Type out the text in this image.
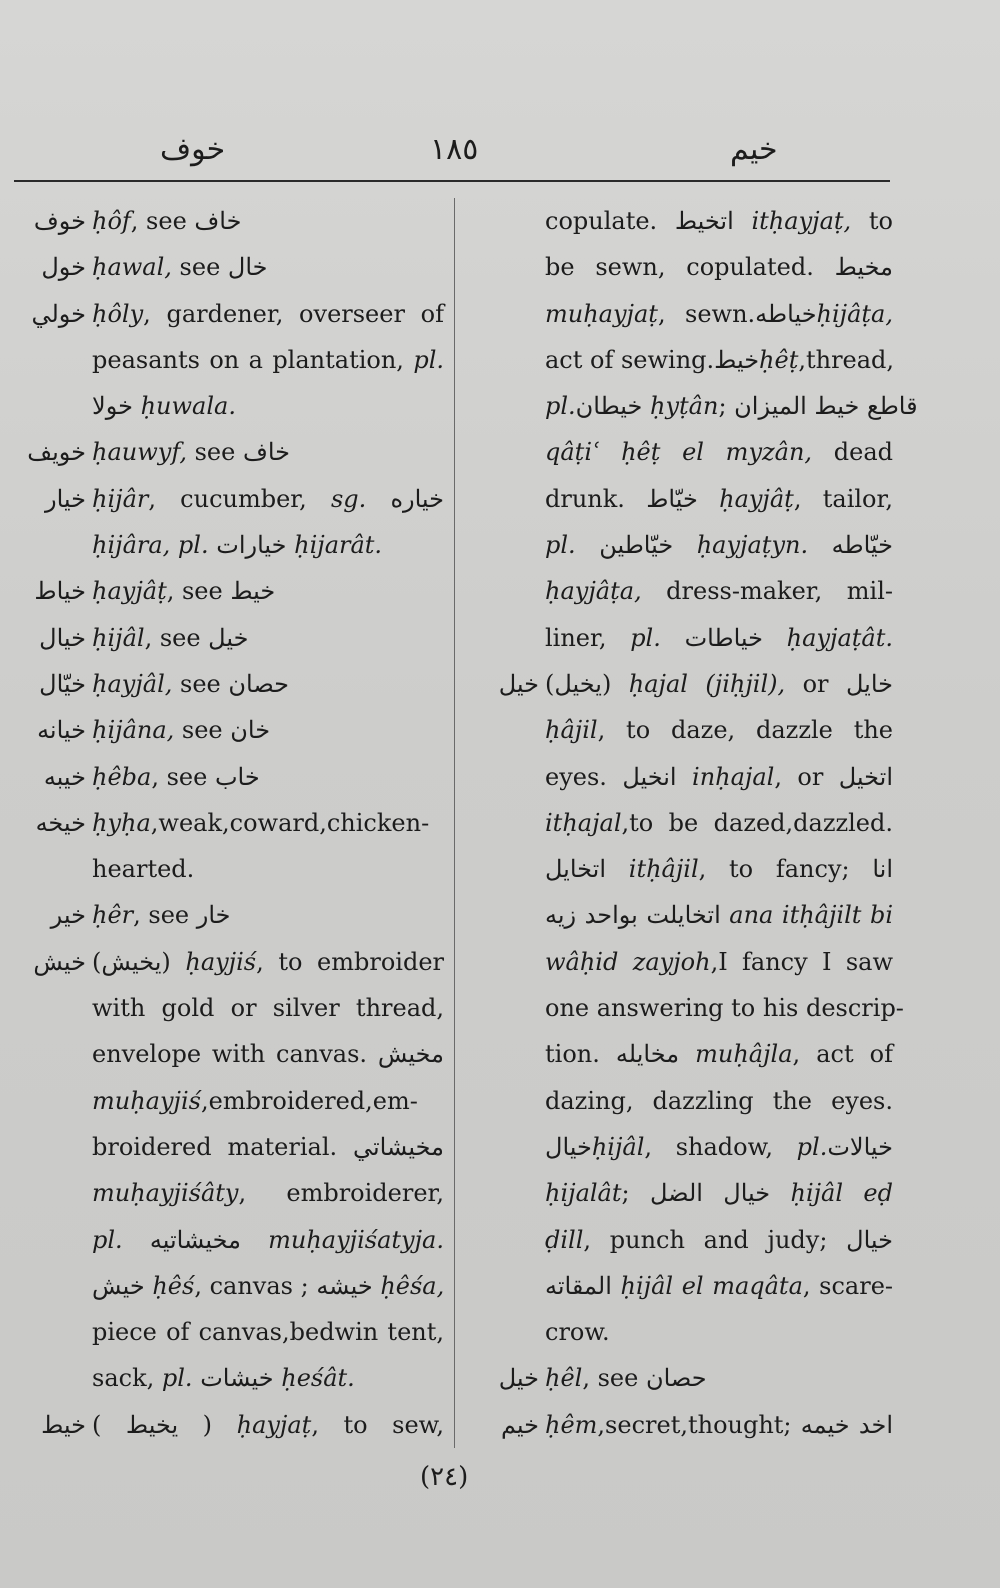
خوف	١٨٥	خيم
خوف ḥôf, see خاف
خول ḥawal, see خال
خولي ḥôly, gardener, overseer of
peasants on a plantation, pl.
خولا ḥuwala.
خويف ḥauwyf, see خاف
خيار ḥijâr, cucumber, sg. خياره
ḥijâra, pl. خيارات ḥijarât.
خياط ḥayjâṭ, see خيط
خيال ḥijâl, see خيل
خيّال ḥayjâl, see حصان
خيانه ḥijâna, see خان
خيبه ḥêba, see خاب
خيخه ḥyḥa,weak,coward,chicken-
hearted.
خير ḥêr, see خار
خيش (يخيش) ḥayjiś, to embroider
with gold or silver thread,
envelope with canvas. مخيش
muḥayjiś,embroidered,em-
broidered material. مخيشاتي
muḥayjiśâty, embroiderer,
pl. مخيشاتيه muḥayjiśatyja.
خيش ḥêś, canvas ; خيشه ḥêśa,
piece of canvas,bedwin tent,
sack, pl. خيشات ḥeśât.
خيط ( يخيط ) ḥayjaṭ, to sew,
copulate. اتخيط itḥayjaṭ, to
be sewn, copulated. مخيط
muḥayjaṭ, sewn.خياطهḥijâṭa,
act of sewing.خيطḥêṭ,thread,
pl.خيطان ḥyṭân; قاطع خيط الميزان
qâṭiʿ ḥêṭ el myzân, dead
drunk. خيّاط ḥayjâṭ, tailor,
pl. خيّاطين ḥayjaṭyn. خيّاطه
ḥayjâṭa, dress-maker, mil-
liner, pl. خياطات ḥayjaṭât.
خيل (يخيل) ḥajal (jiḥjil), or خايل
ḥâjil, to daze, dazzle the
eyes. انخيل inḥajal, or اتخيل
itḥajal,to be dazed,dazzled.
اتخايل itḥâjil, to fancy; انا
اتخايلت بواحد زيه ana itḥâjilt bi
wâḥid zayjoh,I fancy I saw
one answering to his descrip-
tion. مخايله muḥâjla, act of
dazing, dazzling the eyes.
خيالḥijâl, shadow, pl.خيالات
ḥijalât; خيال الضل ḥijâl eḍ
ḍill, punch and judy; خيال
المقاته ḥijâl el maqâta, scare-
crow.
خيل ḥêl, see حصان
خيم ḥêm,secret,thought; اخد خيمه
(٢٤)
